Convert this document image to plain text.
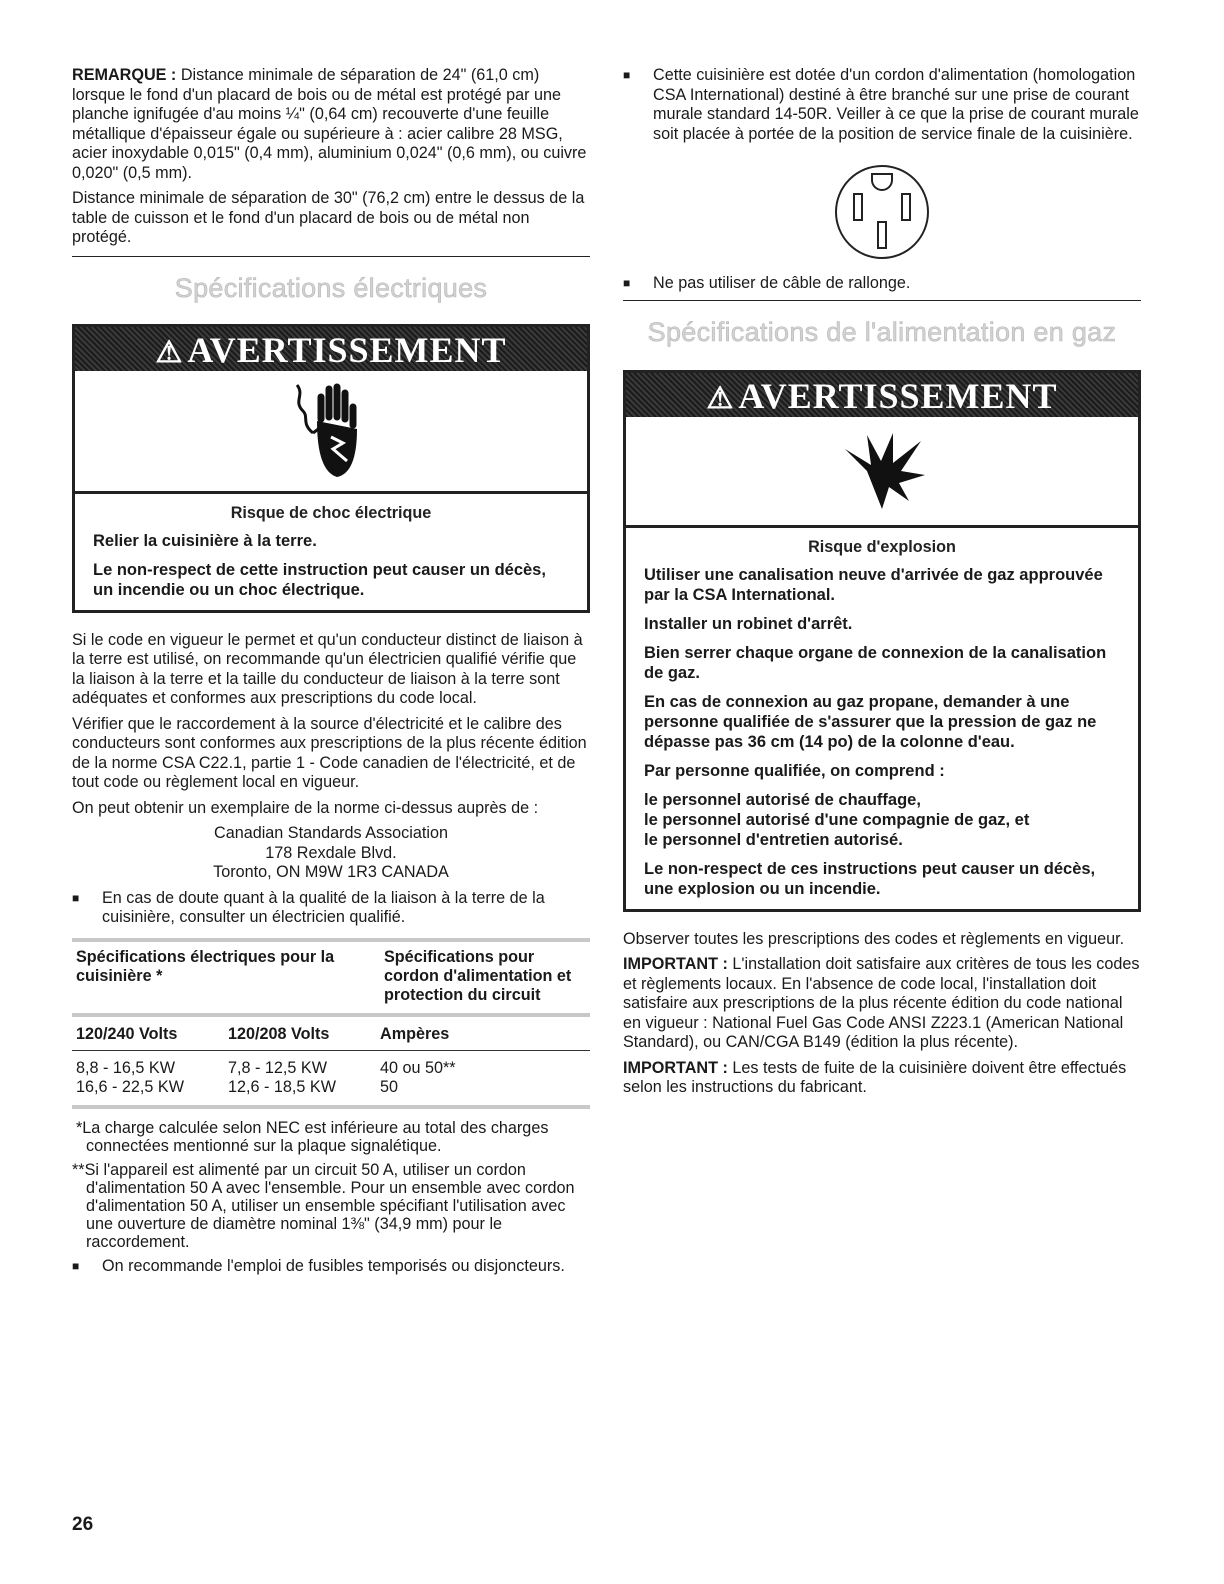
REMARQUE : Distance minimale de séparation de 24" (61,0 cm) lorsque le fond d'un placard de bois ou de métal est protégé par une planche ignifugée d'au moins ¼" (0,64 cm) recouverte d'une feuille métallique d'épaisseur égale ou supérieure à : acier calibre 28 MSG, acier inoxydable 0,015" (0,4 mm), aluminium 0,024" (0,6 mm), ou cuivre 0,020" (0,5 mm).

Distance minimale de séparation de 30" (76,2 cm) entre le dessus de la table de cuisson et le fond d'un placard de bois ou de métal non protégé.

Spécifications électriques
⚠ AVERTISSEMENT
Risque de choc électrique

Relier la cuisinière à la terre.

Le non-respect de cette instruction peut causer un décès, un incendie ou un choc électrique.

Si le code en vigueur le permet et qu'un conducteur distinct de liaison à la terre est utilisé, on recommande qu'un électricien qualifié vérifie que la liaison à la terre et la taille du conducteur de liaison à la terre sont adéquates et conformes aux prescriptions du code local.

Vérifier que le raccordement à la source d'électricité et le calibre des conducteurs sont conformes aux prescriptions de la plus récente édition de la norme CSA C22.1, partie 1 - Code canadien de l'électricité, et de tout code ou règlement local en vigueur.

On peut obtenir un exemplaire de la norme ci-dessus auprès de :

Canadian Standards Association
178 Rexdale Blvd.
Toronto, ON M9W 1R3 CANADA

■ En cas de doute quant à la qualité de la liaison à la terre de la cuisinière, consulter un électricien qualifié.

Spécifications électriques pour la cuisinière *
Spécifications pour cordon d'alimentation et protection du circuit
120/240 Volts	120/208 Volts	Ampères
8,8 - 16,5 KW	7,8 - 12,5 KW	40 ou 50**
16,6 - 22,5 KW	12,6 - 18,5 KW	50

*La charge calculée selon NEC est inférieure au total des charges connectées mentionné sur la plaque signalétique.

**Si l'appareil est alimenté par un circuit 50 A, utiliser un cordon d'alimentation 50 A avec l'ensemble. Pour un ensemble avec cordon d'alimentation 50 A, utiliser un ensemble spécifiant l'utilisation avec une ouverture de diamètre nominal 1⅜" (34,9 mm) pour le raccordement.

■ On recommande l'emploi de fusibles temporisés ou disjoncteurs.

■ Cette cuisinière est dotée d'un cordon d'alimentation (homologation CSA International) destiné à être branché sur une prise de courant murale standard 14-50R. Veiller à ce que la prise de courant murale soit placée à portée de la position de service finale de la cuisinière.

■ Ne pas utiliser de câble de rallonge.

Spécifications de l'alimentation en gaz
⚠ AVERTISSEMENT
Risque d'explosion

Utiliser une canalisation neuve d'arrivée de gaz approuvée par la CSA International.

Installer un robinet d'arrêt.

Bien serrer chaque organe de connexion de la canalisation de gaz.

En cas de connexion au gaz propane, demander à une personne qualifiée de s'assurer que la pression de gaz ne dépasse pas 36 cm (14 po) de la colonne d'eau.

Par personne qualifiée, on comprend :

le personnel autorisé de chauffage,
le personnel autorisé d'une compagnie de gaz, et
le personnel d'entretien autorisé.

Le non-respect de ces instructions peut causer un décès, une explosion ou un incendie.

Observer toutes les prescriptions des codes et règlements en vigueur.

IMPORTANT : L'installation doit satisfaire aux critères de tous les codes et règlements locaux. En l'absence de code local, l'installation doit satisfaire aux prescriptions de la plus récente édition du code national en vigueur : National Fuel Gas Code ANSI Z223.1 (American National Standard), ou CAN/CGA B149 (édition la plus récente).

IMPORTANT : Les tests de fuite de la cuisinière doivent être effectués selon les instructions du fabricant.

26
